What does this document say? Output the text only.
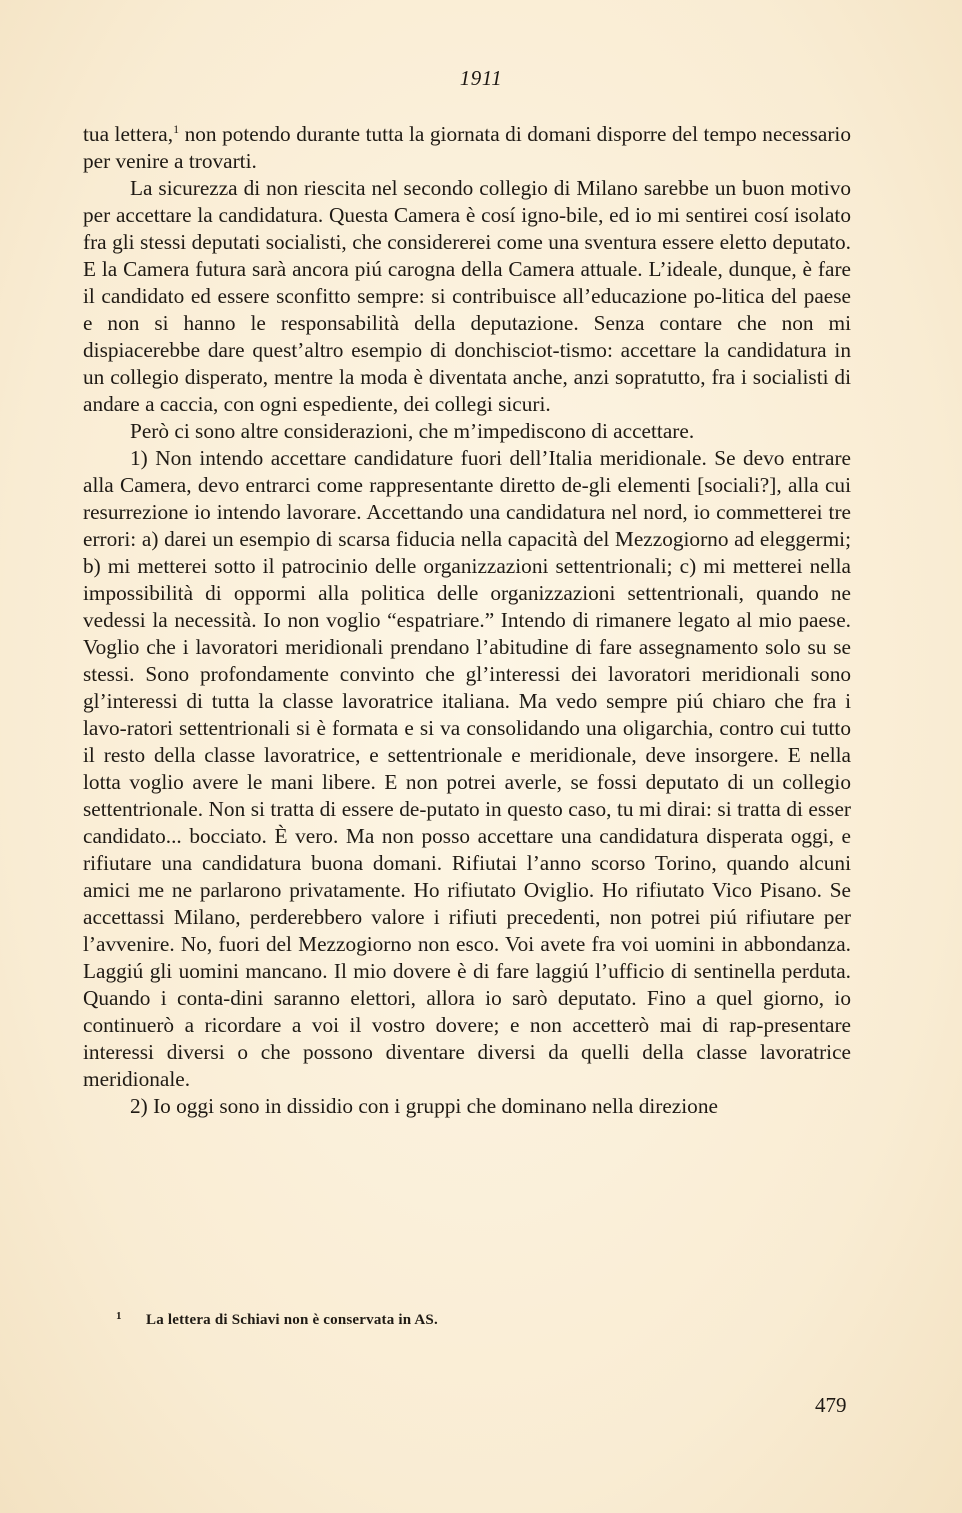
1911

tua lettera,$^1$ non potendo durante tutta la giornata di domani disporre del tempo necessario per venire a trovarti.

La sicurezza di non riescita nel secondo collegio di Milano sarebbe un buon motivo per accettare la candidatura. Questa Camera è cosí igno-bile, ed io mi sentirei cosí isolato fra gli stessi deputati socialisti, che considererei come una sventura essere eletto deputato. E la Camera futura sarà ancora piú carogna della Camera attuale. L’ideale, dunque, è fare il candidato ed essere sconfitto sempre: si contribuisce all’educazione po-litica del paese e non si hanno le responsabilità della deputazione. Senza contare che non mi dispiacerebbe dare quest’altro esempio di donchisciot-tismo: accettare la candidatura in un collegio disperato, mentre la moda è diventata anche, anzi sopratutto, fra i socialisti di andare a caccia, con ogni espediente, dei collegi sicuri.

Però ci sono altre considerazioni, che m’impediscono di accettare.

1) Non intendo accettare candidature fuori dell’Italia meridionale. Se devo entrare alla Camera, devo entrarci come rappresentante diretto de-gli elementi [sociali?], alla cui resurrezione io intendo lavorare. Accettando una candidatura nel nord, io commetterei tre errori: a) darei un esempio di scarsa fiducia nella capacità del Mezzogiorno ad eleggermi; b) mi metterei sotto il patrocinio delle organizzazioni settentrionali; c) mi metterei nella impossibilità di oppormi alla politica delle organizzazioni settentrionali, quando ne vedessi la necessità. Io non voglio “espatriare.” Intendo di rimanere legato al mio paese. Voglio che i lavoratori meridionali prendano l’abitudine di fare assegnamento solo su se stessi. Sono profondamente convinto che gl’interessi dei lavoratori meridionali sono gl’interessi di tutta la classe lavoratrice italiana. Ma vedo sempre piú chiaro che fra i lavo-ratori settentrionali si è formata e si va consolidando una oligarchia, contro cui tutto il resto della classe lavoratrice, e settentrionale e meridionale, deve insorgere. E nella lotta voglio avere le mani libere. E non potrei averle, se fossi deputato di un collegio settentrionale. Non si tratta di essere de-putato in questo caso, tu mi dirai: si tratta di esser candidato... bocciato. È vero. Ma non posso accettare una candidatura disperata oggi, e rifiutare una candidatura buona domani. Rifiutai l’anno scorso Torino, quando alcuni amici me ne parlarono privatamente. Ho rifiutato Oviglio. Ho rifiutato Vico Pisano. Se accettassi Milano, perderebbero valore i rifiuti precedenti, non potrei piú rifiutare per l’avvenire. No, fuori del Mezzogiorno non esco. Voi avete fra voi uomini in abbondanza. Laggiú gli uomini mancano. Il mio dovere è di fare laggiú l’ufficio di sentinella perduta. Quando i conta-dini saranno elettori, allora io sarò deputato. Fino a quel giorno, io continuerò a ricordare a voi il vostro dovere; e non accetterò mai di rap-presentare interessi diversi o che possono diventare diversi da quelli della classe lavoratrice meridionale.

2) Io oggi sono in dissidio con i gruppi che dominano nella direzione

1 La lettera di Schiavi non è conservata in AS.
479
